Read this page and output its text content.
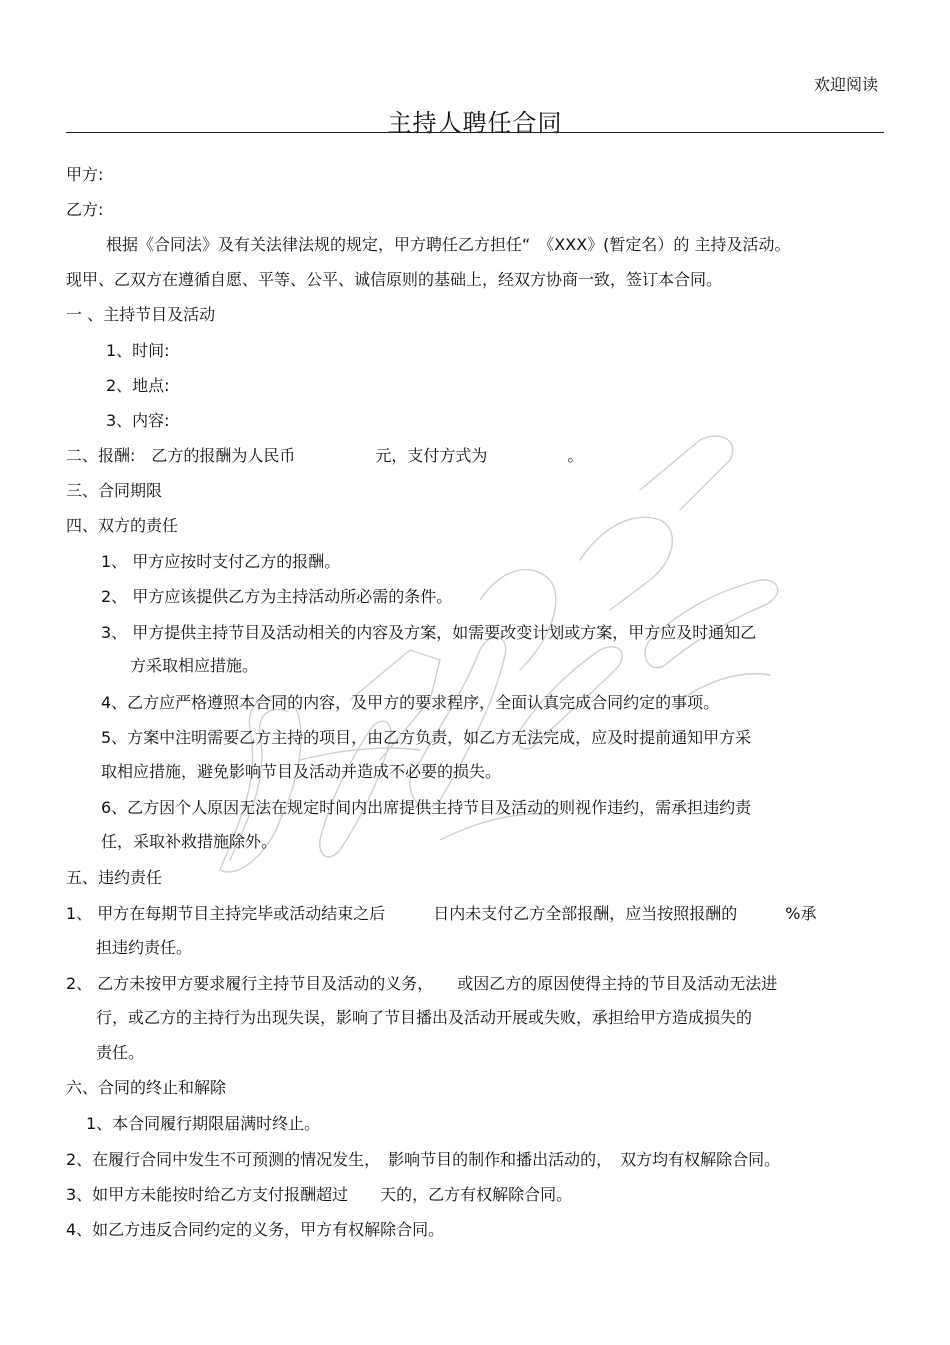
欢迎阅读
主持人聘任合同
甲方:
乙方:
根据《合同法》及有关法律法规的规定，甲方聘任乙方担任“　《XXX》(暂定名）的 主持及活动。
现甲、乙双方在遵循自愿、平等、公平、诚信原则的基础上，经双方协商一致，签订本合同。
一 、主持节目及活动
1、时间:
2、地点:
3、内容:
二、报酬:　乙方的报酬为人民币　　　　　元，支付方式为　　　　　。
三、合同期限
四、双方的责任
1、 甲方应按时支付乙方的报酬。
2、 甲方应该提供乙方为主持活动所必需的条件。
3、 甲方提供主持节目及活动相关的内容及方案，如需要改变计划或方案，甲方应及时通知乙
方采取相应措施。
4、乙方应严格遵照本合同的内容，及甲方的要求程序，全面认真完成合同约定的事项。
5、方案中注明需要乙方主持的项目，由乙方负责，如乙方无法完成，应及时提前通知甲方采
取相应措施，避免影响节目及活动并造成不必要的损失。
6、乙方因个人原因无法在规定时间内出席提供主持节目及活动的则视作违约，需承担违约责
任，采取补救措施除外。
五、违约责任
1、 甲方在每期节目主持完毕或活动结束之后　　　日内未支付乙方全部报酬，应当按照报酬的　　　%承
担违约责任。
2、 乙方未按甲方要求履行主持节目及活动的义务，　　或因乙方的原因使得主持的节目及活动无法进
行，或乙方的主持行为出现失误，影响了节目播出及活动开展或失败，承担给甲方造成损失的
责任。
六、合同的终止和解除
1、本合同履行期限届满时终止。
2、在履行合同中发生不可预测的情况发生，　影响节目的制作和播出活动的，　双方均有权解除合同。
3、如甲方未能按时给乙方支付报酬超过　　天的，乙方有权解除合同。
4、如乙方违反合同约定的义务，甲方有权解除合同。
